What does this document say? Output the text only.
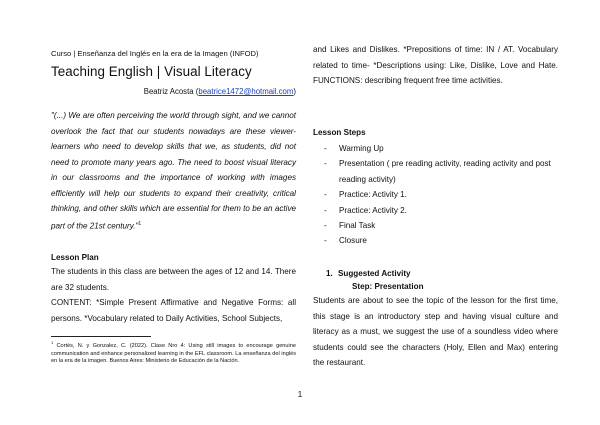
Curso | Enseñanza del Inglés en la era de la Imagen (INFOD)
Teaching English | Visual Literacy
Beatriz Acosta (beatrice1472@hotmail.com)
"(...) We are often perceiving the world through sight, and we cannot overlook the fact that our students nowadays are these viewer-learners who need to develop skills that we, as students, did not need to promote many years ago. The need to boost visual literacy in our classrooms and the importance of working with images efficiently will help our students to expand their creativity, critical thinking, and other skills which are essential for them to be an active part of the 21st century."$^1$
Lesson Plan

The students in this class are between the ages of 12 and 14. There are 32 students.

$^1$ Cortés, N. y Gonzalez, C. (2022). Clase Nro 4: Using still images to encourage genuine communication and enhance personalized learning in the EFL classroom. La enseñanza del inglés en la era de la imagen. Buenos Aires: Ministerio de Educación de la Nación.

CONTENT: *Simple Present Affirmative and Negative Forms: all persons. *Vocabulary related to Daily Activities, School Subjects,

and Likes and Dislikes. *Prepositions of time: IN / AT. Vocabulary related to time- *Descriptions using: Like, Dislike, Love and Hate.

FUNCTIONS: describing frequent free time activities.

Lesson Steps
- Warming Up
- Presentation ( pre reading activity, reading activity and post reading activity)
- Practice: Activity 1.
- Practice: Activity 2.
- Final Task
- Closure
1. Suggested Activity
Step: Presentation

Students are about to see the topic of the lesson for the first time, this stage is an introductory step and having visual culture and literacy as a must, we suggest the use of a soundless video where students could see the characters (Holy, Ellen and Max) entering the restaurant.

1
